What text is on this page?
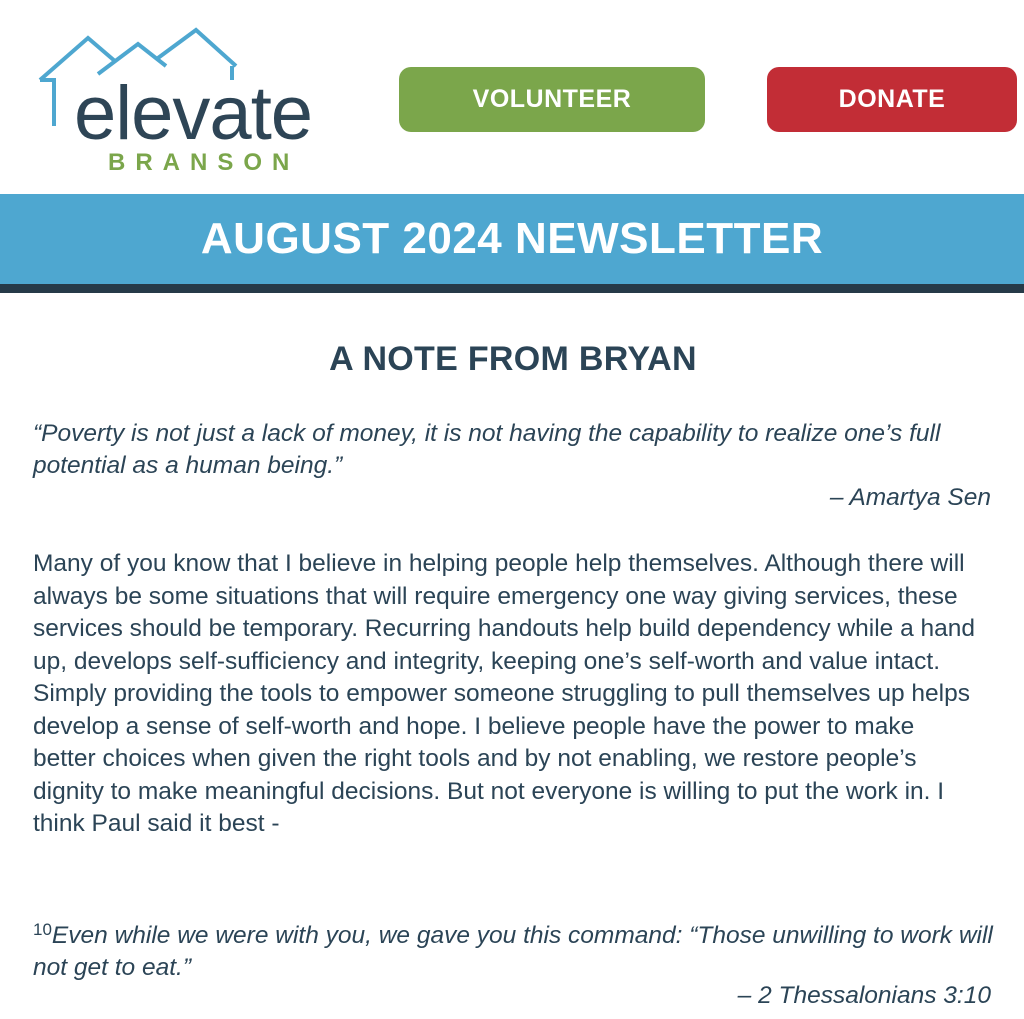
elevate
BRANSON
VOLUNTEER	DONATE
AUGUST 2024 NEWSLETTER
A NOTE FROM BRYAN
“Poverty is not just a lack of money, it is not having the capability to realize one’s full potential as a human being.”
– Amartya Sen
Many of you know that I believe in helping people help themselves. Although there will always be some situations that will require emergency one way giving services, these services should be temporary. Recurring handouts help build dependency while a hand up, develops self-sufficiency and integrity, keeping one’s self-worth and value intact. Simply providing the tools to empower someone struggling to pull themselves up helps develop a sense of self-worth and hope. I believe people have the power to make better choices when given the right tools and by not enabling, we restore people’s dignity to make meaningful decisions. But not everyone is willing to put the work in. I think Paul said it best -
$^{10}$Even while we were with you, we gave you this command: “Those unwilling to work will not get to eat.”
– 2 Thessalonians 3:10
